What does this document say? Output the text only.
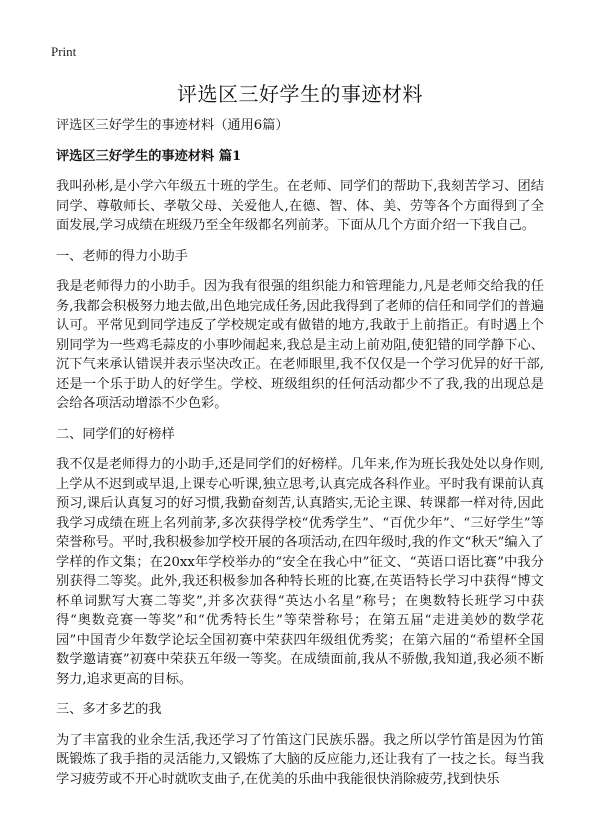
Print
评选区三好学生的事迹材料

评选区三好学生的事迹材料（通用6篇）

评选区三好学生的事迹材料 篇1

我叫孙彬,是小学六年级五十班的学生。在老师、同学们的帮助下,我刻苦学习、团结同学、尊敬师长、孝敬父母、关爱他人,在德、智、体、美、劳等各个方面得到了全面发展,学习成绩在班级乃至全年级都名列前茅。下面从几个方面介绍一下我自己。

一、老师的得力小助手

我是老师得力的小助手。因为我有很强的组织能力和管理能力,凡是老师交给我的任务,我都会积极努力地去做,出色地完成任务,因此我得到了老师的信任和同学们的普遍认可。平常见到同学违反了学校规定或有做错的地方,我敢于上前指正。有时遇上个别同学为一些鸡毛蒜皮的小事吵闹起来,我总是主动上前劝阻,使犯错的同学静下心、沉下气来承认错误并表示坚决改正。在老师眼里,我不仅仅是一个学习优异的好干部,还是一个乐于助人的好学生。学校、班级组织的任何活动都少不了我,我的出现总是会给各项活动增添不少色彩。

二、同学们的好榜样

我不仅是老师得力的小助手,还是同学们的好榜样。几年来,作为班长我处处以身作则,上学从不迟到或早退,上课专心听课,独立思考,认真完成各科作业。平时我有课前认真预习,课后认真复习的好习惯,我勤奋刻苦,认真踏实,无论主课、转课都一样对待,因此我学习成绩在班上名列前茅,多次获得学校“优秀学生”、“百优少年”、“三好学生”等荣誉称号。平时,我积极参加学校开展的各项活动,在四年级时,我的作文“秋天”编入了学样的作文集；在20xx年学校举办的“安全在我心中”征文、“英语口语比赛”中我分别获得二等奖。此外,我还积极参加各种特长班的比赛,在英语特长学习中获得“博文杯单词默写大赛二等奖”,并多次获得“英达小名星”称号；在奥数特长班学习中获得“奥数竞赛一等奖”和“优秀特长生”等荣誉称号；在第五届“走进美妙的数学花园”中国青少年数学论坛全国初赛中荣获四年级组优秀奖；在第六届的“希望杯全国数学邀请赛”初赛中荣获五年级一等奖。在成绩面前,我从不骄傲,我知道,我必须不断努力,追求更高的目标。

三、多才多艺的我

为了丰富我的业余生活,我还学习了竹笛这门民族乐器。我之所以学竹笛是因为竹笛既锻炼了我手指的灵活能力,又锻炼了大脑的反应能力,还让我有了一技之长。每当我学习疲劳或不开心时就吹支曲子,在优美的乐曲中我能很快消除疲劳,找到快乐
